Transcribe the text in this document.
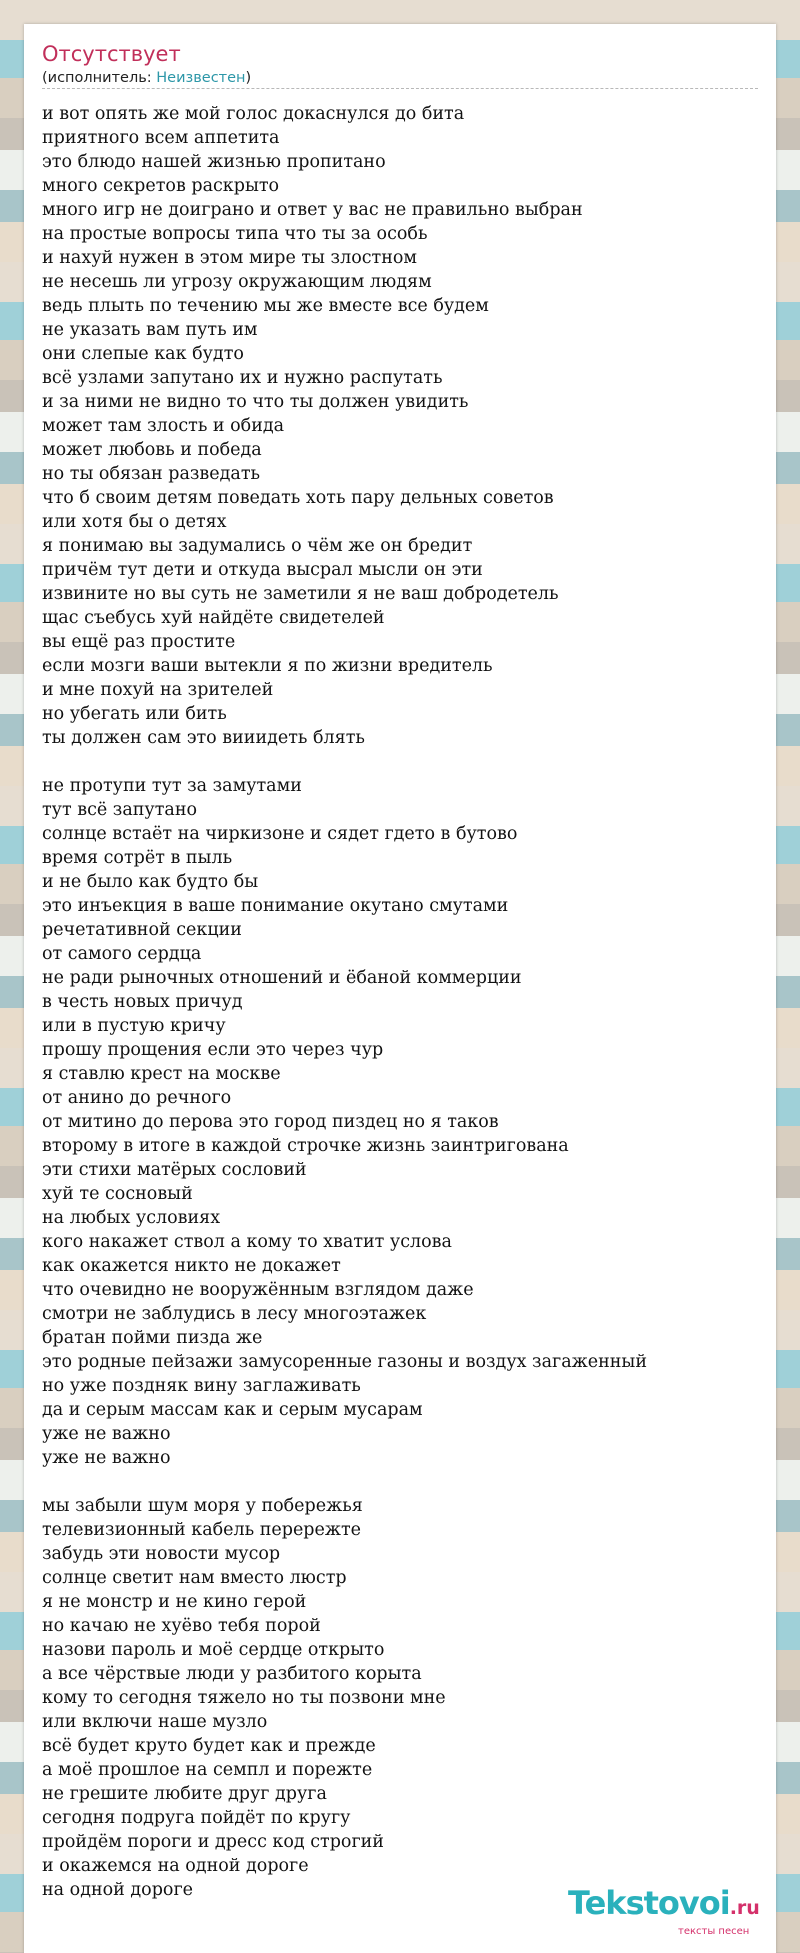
Отсутствует
(исполнитель: Неизвестен)
и вот опять же мой голос докаснулся до бита
приятного всем аппетита
это блюдо нашей жизнью пропитано
много секретов раскрыто
много игр не доиграно и ответ у вас не правильно выбран
на простые вопросы типа что ты за особь
и нахуй нужен в этом мире ты злостном
не несешь ли угрозу окружающим людям
ведь плыть по течению мы же вместе все будем
не указать вам путь им
они слепые как будто
всё узлами запутано их и нужно распутать
и за ними не видно то что ты должен увидить
может там злость и обида
может любовь и победа
но ты обязан разведать
что б своим детям поведать хоть пару дельных советов
или хотя бы о детях
я понимаю вы задумались о чём же он бредит
причём тут дети и откуда высрал мысли он эти
извините но вы суть не заметили я не ваш добродетель
щас съебусь хуй найдёте свидетелей
вы ещё раз простите
если мозги ваши вытекли я по жизни вредитель
и мне похуй на зрителей
но убегать или бить
ты должен сам это вииидеть блять
не протупи тут за замутами
тут всё запутано
солнце встаёт на чиркизоне и сядет гдето в бутово
время сотрёт в пыль
и не было как будто бы
это инъекция в ваше понимание окутано смутами
речетативной секции
от самого сердца
не ради рыночных отношений и ёбаной коммерции
в честь новых причуд
или в пустую кричу
прошу прощения если это через чур
я ставлю крест на москве
от анино до речного
от митино до перова это город пиздец но я таков
второму в итоге в каждой строчке жизнь заинтригована
эти стихи матёрых сословий
хуй те сосновый
на любых условиях
кого накажет ствол а кому то хватит услова
как окажется никто не докажет
что очевидно не вооружённым взглядом даже
смотри не заблудись в лесу многоэтажек
братан пойми пизда же
это родные пейзажи замусоренные газоны и воздух загаженный
но уже поздняк вину заглаживать
да и серым массам как и серым мусарам
уже не важно
уже не важно
мы забыли шум моря у побережья
телевизионный кабель перережте
забудь эти новости мусор
солнце светит нам вместо люстр
я не монстр и не кино герой
но качаю не хуёво тебя порой
назови пароль и моё сердце открыто
а все чёрствые люди у разбитого корыта
кому то сегодня тяжело но ты позвони мне
или включи наше музло
всё будет круто будет как и прежде
а моё прошлое на семпл и порежте
не грешите любите друг друга
сегодня подруга пойдёт по кругу
пройдём пороги и дресс код строгий
и окажемся на одной дороге
на одной дороге	Tekstovoi.ru
тексты песен
